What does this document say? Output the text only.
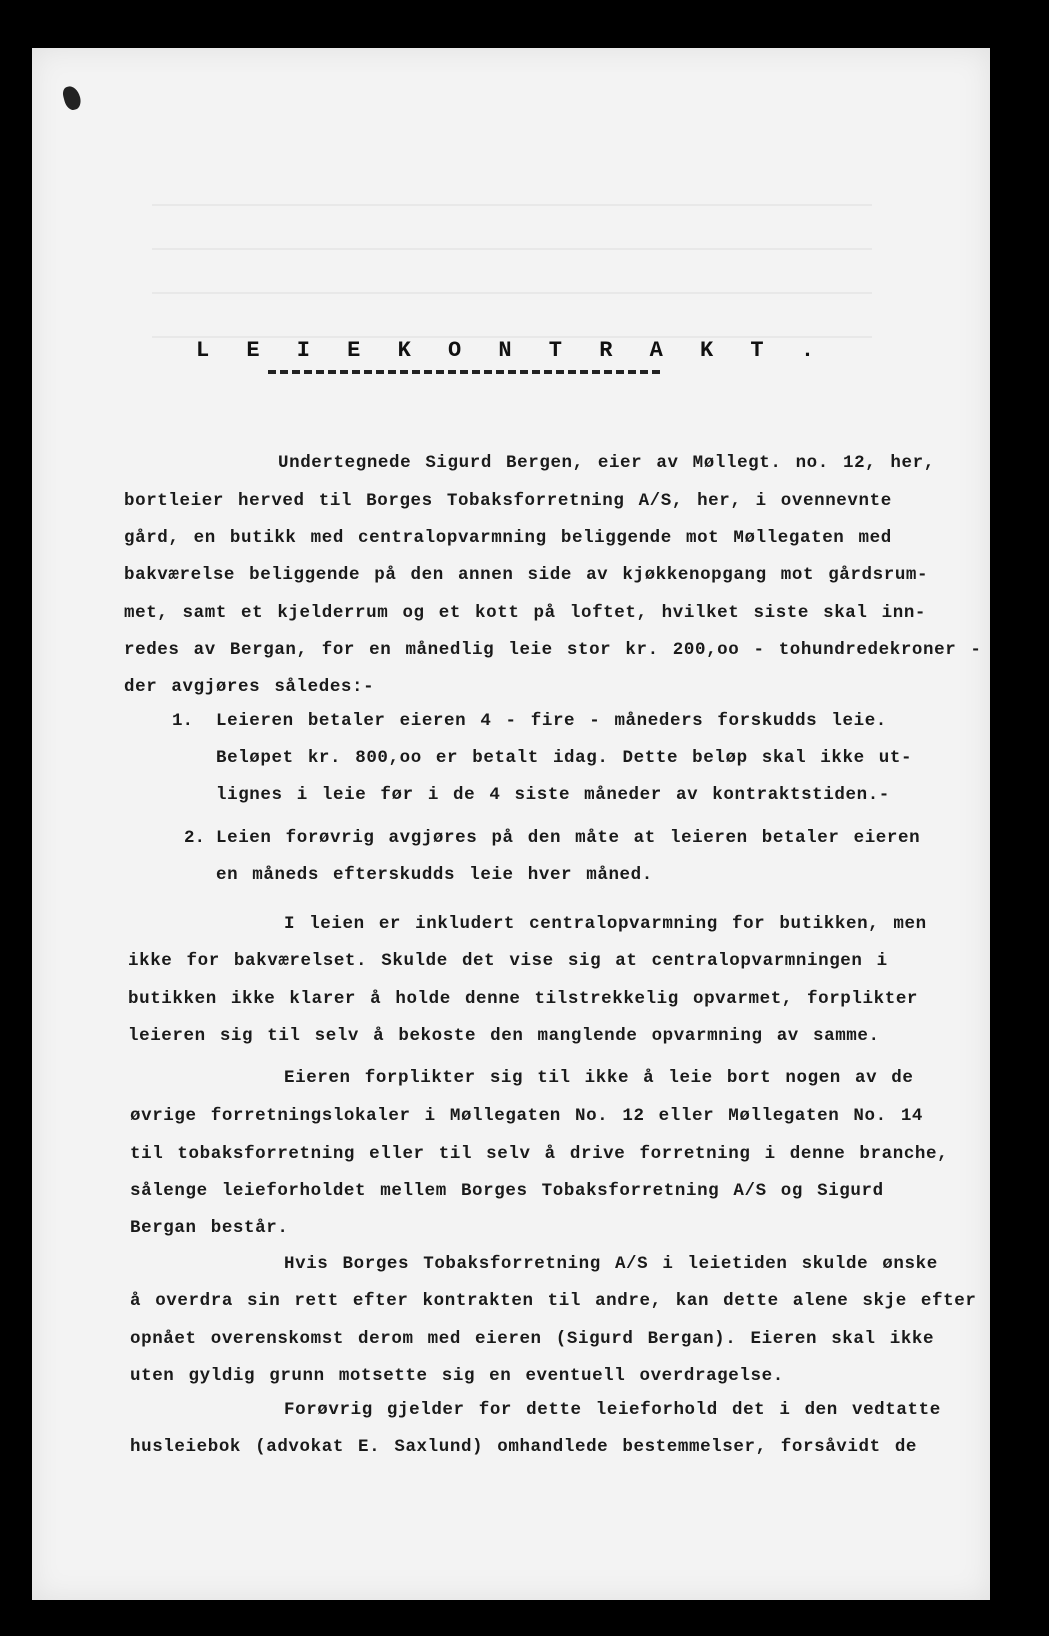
L E I E K O N T R A K T .
Undertegnede Sigurd Bergen, eier av Møllegt. no. 12, her,
bortleier herved til Borges Tobaksforretning A/S, her, i ovennevnte
gård, en butikk med centralopvarmning beliggende mot Møllegaten med
bakværelse beliggende på den annen side av kjøkkenopgang mot gårdsrum-
met, samt et kjelderrum og et kott på loftet, hvilket siste skal inn-
redes av Bergan, for en månedlig leie stor kr. 200,oo - tohundredekroner -
der avgjøres således:-
1. Leieren betaler eieren 4 - fire - måneders forskudds leie.
Beløpet kr. 800,oo er betalt idag. Dette beløp skal ikke ut-
lignes i leie før i de 4 siste måneder av kontraktstiden.-
2. Leien forøvrig avgjøres på den måte at leieren betaler eieren
en måneds efterskudds leie hver måned.
I leien er inkludert centralopvarmning for butikken, men
ikke for bakværelset. Skulde det vise sig at centralopvarmningen i
butikken ikke klarer å holde denne tilstrekkelig opvarmet, forplikter
leieren sig til selv å bekoste den manglende opvarmning av samme.
Eieren forplikter sig til ikke å leie bort nogen av de
øvrige forretningslokaler i Møllegaten No. 12 eller Møllegaten No. 14
til tobaksforretning eller til selv å drive forretning i denne branche,
sålenge leieforholdet mellem Borges Tobaksforretning A/S og Sigurd
Bergan består.
Hvis Borges Tobaksforretning A/S i leietiden skulde ønske
å overdra sin rett efter kontrakten til andre, kan dette alene skje efter
opnået overenskomst derom med eieren (Sigurd Bergan). Eieren skal ikke
uten gyldig grunn motsette sig en eventuell overdragelse.
Forøvrig gjelder for dette leieforhold det i den vedtatte
husleiebok (advokat E. Saxlund) omhandlede bestemmelser, forsåvidt de
